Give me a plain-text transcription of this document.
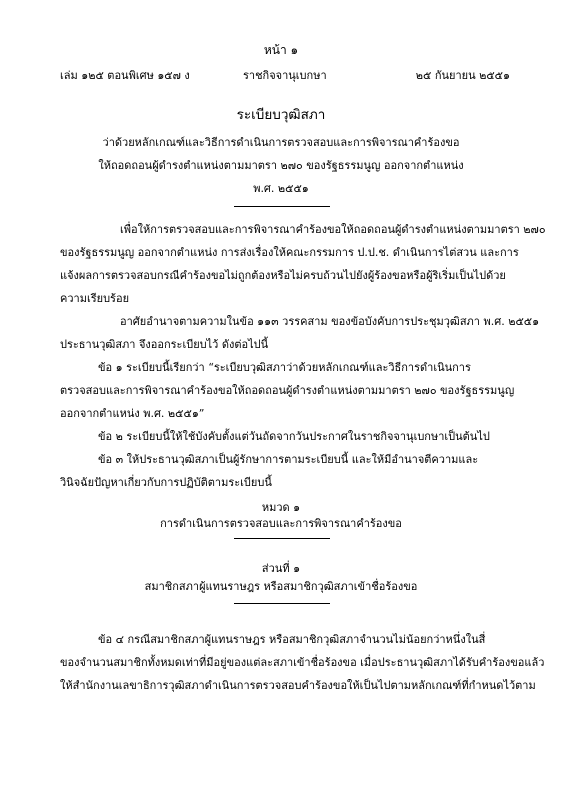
หน้า ๑
เล่ม ๑๒๕ ตอนพิเศษ ๑๕๗ ง	ราชกิจจานุเบกษา	๒๕ กันยายน ๒๕๕๑
ระเบียบวุฒิสภา
ว่าด้วยหลักเกณฑ์และวิธีการดำเนินการตรวจสอบและการพิจารณาคำร้องขอ
ให้ถอดถอนผู้ดำรงตำแหน่งตามมาตรา ๒๗๐ ของรัฐธรรมนูญ ออกจากตำแหน่ง
พ.ศ. ๒๕๕๑
เพื่อให้การตรวจสอบและการพิจารณาคำร้องขอให้ถอดถอนผู้ดำรงตำแหน่งตามมาตรา ๒๗๐
ของรัฐธรรมนูญ ออกจากตำแหน่ง การส่งเรื่องให้คณะกรรมการ ป.ป.ช. ดำเนินการไต่สวน และการ
แจ้งผลการตรวจสอบกรณีคำร้องขอไม่ถูกต้องหรือไม่ครบถ้วนไปยังผู้ร้องขอหรือผู้ริเริ่มเป็นไปด้วย
ความเรียบร้อย
อาศัยอำนาจตามความในข้อ ๑๑๓ วรรคสาม ของข้อบังคับการประชุมวุฒิสภา พ.ศ. ๒๕๕๑
ประธานวุฒิสภา จึงออกระเบียบไว้ ดังต่อไปนี้
ข้อ ๑ ระเบียบนี้เรียกว่า “ระเบียบวุฒิสภาว่าด้วยหลักเกณฑ์และวิธีการดำเนินการ
ตรวจสอบและการพิจารณาคำร้องขอให้ถอดถอนผู้ดำรงตำแหน่งตามมาตรา ๒๗๐ ของรัฐธรรมนูญ
ออกจากตำแหน่ง พ.ศ. ๒๕๕๑”
ข้อ ๒ ระเบียบนี้ให้ใช้บังคับตั้งแต่วันถัดจากวันประกาศในราชกิจจานุเบกษาเป็นต้นไป
ข้อ ๓ ให้ประธานวุฒิสภาเป็นผู้รักษาการตามระเบียบนี้ และให้มีอำนาจตีความและ
วินิจฉัยปัญหาเกี่ยวกับการปฏิบัติตามระเบียบนี้
หมวด ๑
การดำเนินการตรวจสอบและการพิจารณาคำร้องขอ
ส่วนที่ ๑
สมาชิกสภาผู้แทนราษฎร หรือสมาชิกวุฒิสภาเข้าชื่อร้องขอ
ข้อ ๔ กรณีสมาชิกสภาผู้แทนราษฎร หรือสมาชิกวุฒิสภาจำนวนไม่น้อยกว่าหนึ่งในสี่
ของจำนวนสมาชิกทั้งหมดเท่าที่มีอยู่ของแต่ละสภาเข้าชื่อร้องขอ เมื่อประธานวุฒิสภาได้รับคำร้องขอแล้ว
ให้สำนักงานเลขาธิการวุฒิสภาดำเนินการตรวจสอบคำร้องขอให้เป็นไปตามหลักเกณฑ์ที่กำหนดไว้ตาม
